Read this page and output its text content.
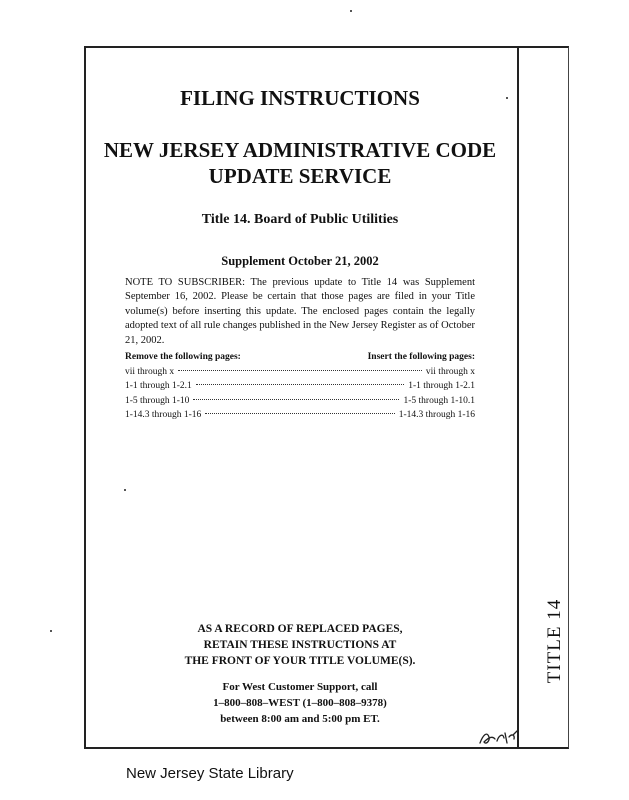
TITLE 14
FILING INSTRUCTIONS
NEW JERSEY ADMINISTRATIVE CODE
UPDATE SERVICE
Title 14. Board of Public Utilities
Supplement October 21, 2002
NOTE TO SUBSCRIBER: The previous update to Title 14 was Supplement September 16, 2002. Please be certain that those pages are filed in your Title volume(s) before inserting this update. The enclosed pages contain the legally adopted text of all rule changes published in the New Jersey Register as of October 21, 2002.
Remove the following pages:	Insert the following pages:
vii through x	vii through x
1-1 through 1-2.1	1-1 through 1-2.1
1-5 through 1-10	1-5 through 1-10.1
1-14.3 through 1-16	1-14.3 through 1-16
AS A RECORD OF REPLACED PAGES,
RETAIN THESE INSTRUCTIONS AT
THE FRONT OF YOUR TITLE VOLUME(S).
For West Customer Support, call
1–800–808–WEST (1–800–808–9378)
between 8:00 am and 5:00 pm ET.
New Jersey State Library
